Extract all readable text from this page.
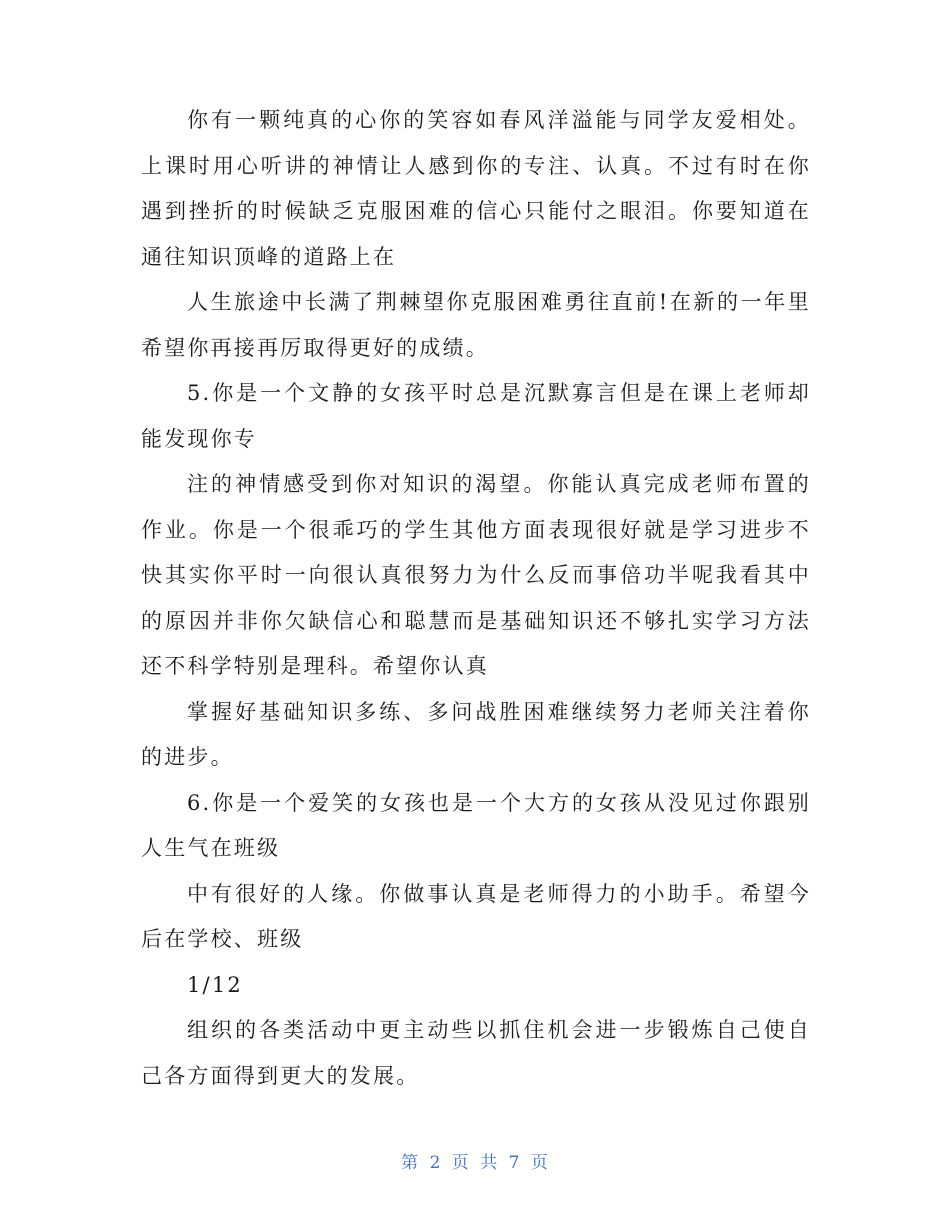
你有一颗纯真的心你的笑容如春风洋溢能与同学友爱相处。上课时用心听讲的神情让人感到你的专注、认真。不过有时在你遇到挫折的时候缺乏克服困难的信心只能付之眼泪。你要知道在通往知识顶峰的道路上在

人生旅途中长满了荆棘望你克服困难勇往直前!在新的一年里希望你再接再厉取得更好的成绩。

5.你是一个文静的女孩平时总是沉默寡言但是在课上老师却能发现你专

注的神情感受到你对知识的渴望。你能认真完成老师布置的作业。你是一个很乖巧的学生其他方面表现很好就是学习进步不快其实你平时一向很认真很努力为什么反而事倍功半呢我看其中的原因并非你欠缺信心和聪慧而是基础知识还不够扎实学习方法还不科学特别是理科。希望你认真

掌握好基础知识多练、多问战胜困难继续努力老师关注着你的进步。

6.你是一个爱笑的女孩也是一个大方的女孩从没见过你跟别人生气在班级

中有很好的人缘。你做事认真是老师得力的小助手。希望今后在学校、班级

1/12

组织的各类活动中更主动些以抓住机会进一步锻炼自己使自己各方面得到更大的发展。

第 2 页 共 7 页
